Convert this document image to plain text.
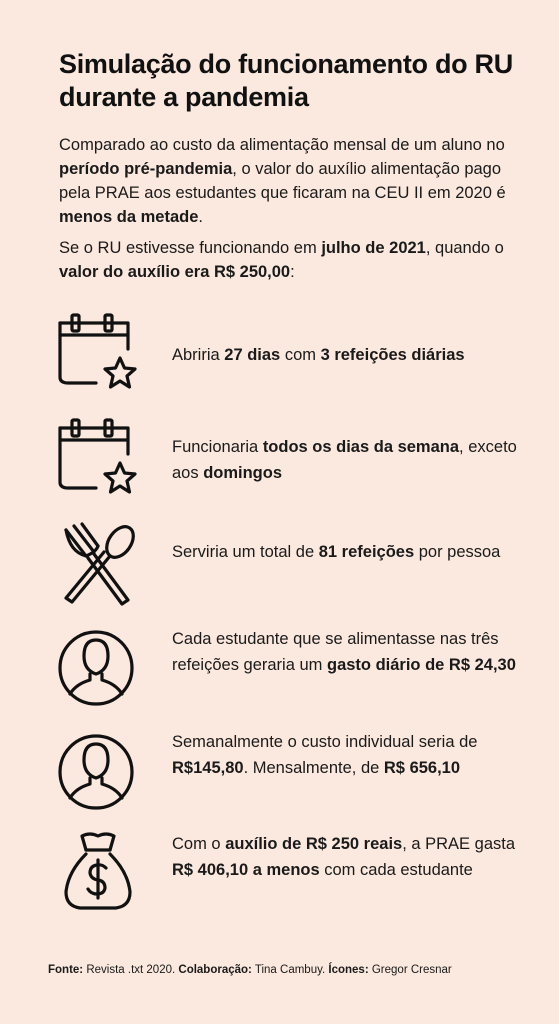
Simulação do funcionamento do RU durante a pandemia

Comparado ao custo da alimentação mensal de um aluno no período pré-pandemia, o valor do auxílio alimentação pago pela PRAE aos estudantes que ficaram na CEU II em 2020 é menos da metade.

Se o RU estivesse funcionando em julho de 2021, quando o valor do auxílio era R$ 250,00:

Abriria 27 dias com 3 refeições diárias

Funcionaria todos os dias da semana, exceto aos domingos

Serviria um total de 81 refeições por pessoa

Cada estudante que se alimentasse nas três refeições geraria um gasto diário de R$ 24,30

Semanalmente o custo individual seria de R$145,80. Mensalmente, de R$ 656,10

Com o auxílio de R$ 250 reais, a PRAE gasta R$ 406,10 a menos com cada estudante

Fonte: Revista .txt 2020. Colaboração: Tina Cambuy. Ícones: Gregor Cresnar
